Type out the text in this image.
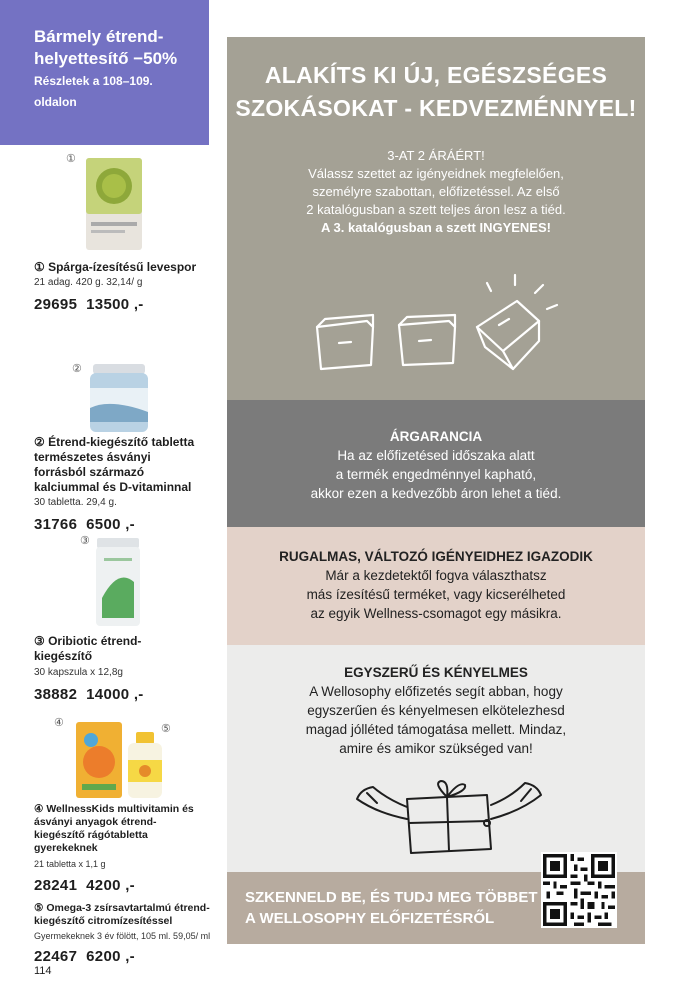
Bármely étrend-
helyettesítő −50%
Részletek a 108–109.
oldalon
①
① Spárga-ízesítésű levespor
21 adag. 420 g. 32,14/ g
29695 13500 ,-
②
② Étrend-kiegészítő tabletta
természetes ásványi
forrásból származó
kalciummal és D-vitaminnal
30 tabletta. 29,4 g.
31766 6500 ,-
③
③ Oribiotic étrend-
kiegészítő
30 kapszula x 12,8g
38882 14000 ,-
④	⑤
④ WellnessKids multivitamin és
ásványi anyagok étrend-
kiegészítő rágótabletta
gyerekeknek
21 tabletta x 1,1 g
28241 4200 ,-
⑤ Omega-3 zsírsavtartalmú étrend-
kiegészítő citromízesítéssel
Gyermekeknek 3 év fölött, 105 ml. 59,05/ ml
22467 6200 ,-
114
ALAKÍTS KI ÚJ, EGÉSZSÉGES
SZOKÁSOKAT - KEDVEZMÉNNYEL!
3-AT 2 ÁRÁÉRT!
Válassz szettet az igényeidnek megfelelően,
személyre szabottan, előfizetéssel. Az első
2 katalógusban a szett teljes áron lesz a tiéd.
A 3. katalógusban a szett INGYENES!
ÁRGARANCIA
Ha az előfizetésed időszaka alatt
a termék engedménnyel kapható,
akkor ezen a kedvezőbb áron lehet a tiéd.
RUGALMAS, VÁLTOZÓ IGÉNYEIDHEZ IGAZODIK
Már a kezdetektől fogva választhatsz
más ízesítésű terméket, vagy kicserélheted
az egyik Wellness-csomagot egy másikra.
EGYSZERŰ ÉS KÉNYELMES
A Wellosophy előfizetés segít abban, hogy
egyszerűen és kényelmesen elkötelezhesd
magad jólléted támogatása mellett. Mindaz,
amire és amikor szükséged van!
SZKENNELD BE, ÉS TUDJ MEG TÖBBET
A WELLOSOPHY ELŐFIZETÉSRŐL
